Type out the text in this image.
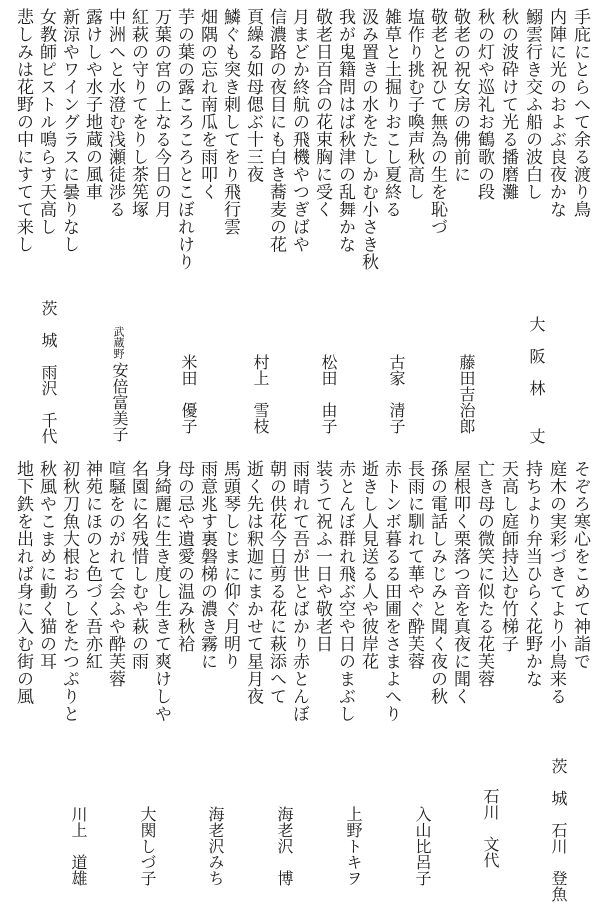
手庇にとらへて余る渡り鳥
内陣に光のおよぶ良夜かな
鰯雲行き交ふ船の波白し
秋の波砕けて光る播磨灘
秋の灯や巡礼お鶴歌の段
敬老の祝女房の佛前に
敬老と祝ひて無為の生を恥づ
塩作り挑む子喚声秋高し
雑草と土掘りおこし夏終る
汲み置きの水をたしかむ小さき秋
我が鬼籍問はば秋津の乱舞かな
敬老日百合の花束胸に受く
月まどか終航の飛機やつぎばや
信濃路の夜目にも白き蕎麦の花
頁繰る如母偲ぶ十三夜
鱗ぐも突き刺してをり飛行雲
畑隅の忘れ南瓜を雨叩く
芋の葉の露ころころとこぼれけり
万葉の宮の上なる今日の月
紅萩の守りてをりし茶筅塚
中洲へと水澄む浅瀬徒渉る
露けしや水子地蔵の風車
新涼やワイングラスに曇りなし
女教師ピストル鳴らす天高し
悲しみは花野の中にすてて来し
大　阪　林　　丈
藤田吉治郎
古家　清子
松田　由子
村上　雪枝
米田　優子
武蔵野
安倍富美子
茨　城　雨沢　千代
そぞろ寒心をこめて神詣で
庭木の実彩づきてより小鳥来る
持ちより弁当ひらく花野かな
天高し庭師持込む竹梯子
亡き母の微笑に似たる花芙蓉
屋根叩く栗落つ音を真夜に聞く
孫の電話しみじみと聞く夜の秋
長雨に馴れて華やぐ酔芙蓉
赤トンボ暮るる田圃をさまよへり
逝きし人見送る人や彼岸花
赤とんぼ群れ飛ぶ空や日のまぶし
装うて祝ふ一日や敬老日
雨晴れて吾が世とばかり赤とんぼ
朝の供花今日剪る花に萩添へて
逝く先は釈迦にまかせて星月夜
馬頭琴しじまに仰ぐ月明り
雨意兆す裏磐梯の濃き霧に
母の忌や遺愛の温み秋袷
身綺麗に生き度し生きて爽けしや
名園に名残惜しむや萩の雨
喧騒をのがれて会ふや酔芙蓉
神苑にほのと色づく吾亦紅
初秋刀魚大根おろしをたつぷりと
秋風やこまめに動く猫の耳
地下鉄を出れば身に入む街の風
茨　城　石川　登魚
石川　文代
入山比呂子
上野トキヲ
海老沢　博
海老沢みち
大関しづ子
川上　道雄
